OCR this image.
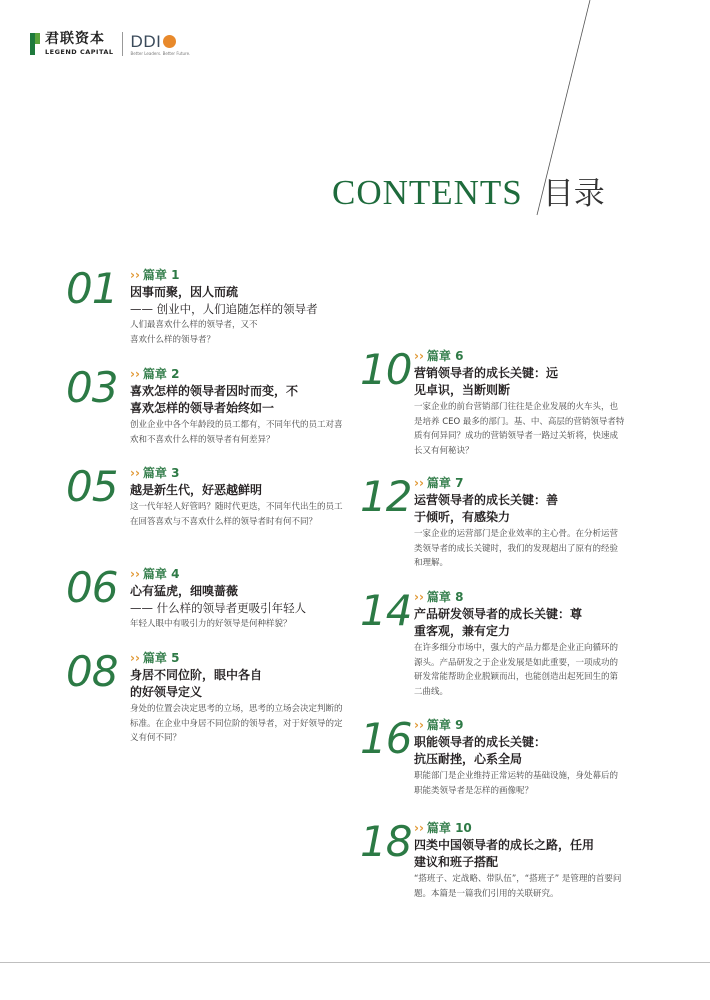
君联资本
LEGEND CAPITAL
DDI
Better Leaders. Better Future.
CONTENTS 目录
01 ›› 篇章 1
因事而聚，因人而疏
—— 创业中，人们追随怎样的领导者
人们最喜欢什么样的领导者，又不喜欢什么样的领导者？
03 ›› 篇章 2
喜欢怎样的领导者因时而变，不喜欢怎样的领导者始终如一
创业企业中各个年龄段的员工都有，不同年代的员工对喜欢和不喜欢什么样的领导者有何差异？
05 ›› 篇章 3
越是新生代，好恶越鲜明
这一代年轻人好管吗？随时代更迭，不同年代出生的员工在回答喜欢与不喜欢什么样的领导者时有何不同？
06 ›› 篇章 4
心有猛虎，细嗅蔷薇
—— 什么样的领导者更吸引年轻人
年轻人眼中有吸引力的好领导是何种样貌？
08 ›› 篇章 5
身居不同位阶，眼中各自的好领导定义
身处的位置会决定思考的立场，思考的立场会决定判断的标准。在企业中身居不同位阶的领导者，对于好领导的定义有何不同？
10 ›› 篇章 6
营销领导者的成长关键：远见卓识，当断则断
一家企业的前台营销部门往往是企业发展的火车头，也是培养 CEO 最多的部门。基、中、高层的营销领导者特质有何异同？成功的营销领导者一路过关斩将，快速成长又有何秘诀？
12 ›› 篇章 7
运营领导者的成长关键：善于倾听，有感染力
一家企业的运营部门是企业效率的主心骨。在分析运营类领导者的成长关键时，我们的发现超出了原有的经验和理解。
14 ›› 篇章 8
产品研发领导者的成长关键：尊重客观，兼有定力
在许多细分市场中，强大的产品力都是企业正向循环的源头。产品研发之于企业发展是如此重要，一项成功的研发常能帮助企业脱颖而出，也能创造出起死回生的第二曲线。
16 ›› 篇章 9
职能领导者的成长关键：抗压耐挫，心系全局
职能部门是企业维持正常运转的基础设施，身处幕后的职能类领导者是怎样的画像呢？
18 ›› 篇章 10
四类中国领导者的成长之路，任用建议和班子搭配
“搭班子、定战略、带队伍”，“搭班子” 是管理的首要问题。本篇是一篇我们引用的关联研究。
